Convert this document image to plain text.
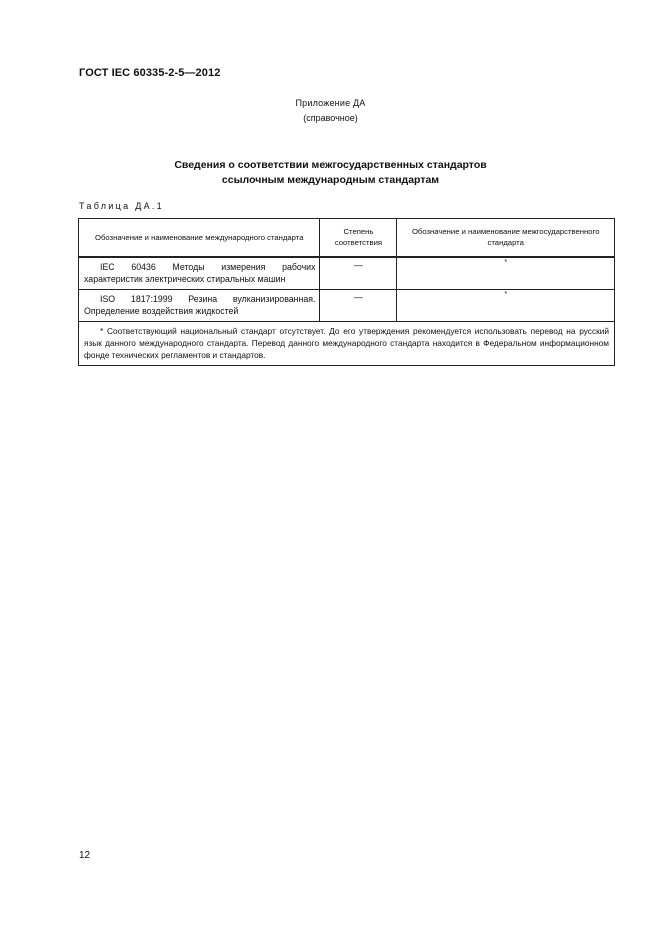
ГОСТ IEC 60335-2-5—2012
Приложение ДА
(справочное)
Сведения о соответствии межгосударственных стандартов
ссылочным международным стандартам
Таблица ДА.1
Обозначение и наименование международного стандарта	Степень соответствия	Обозначение и наименование межгосударственного стандарта
IEC 60436 Методы измерения рабочих характеристик электрических стиральных машин	—	*
ISO 1817:1999 Резина вулканизированная. Определение воздействия жидкостей	—	*
* Соответствующий национальный стандарт отсутствует. До его утверждения рекомендуется использовать перевод на русский язык данного международного стандарта. Перевод данного международного стандарта находится в Федеральном информационном фонде технических регламентов и стандартов.		
12
